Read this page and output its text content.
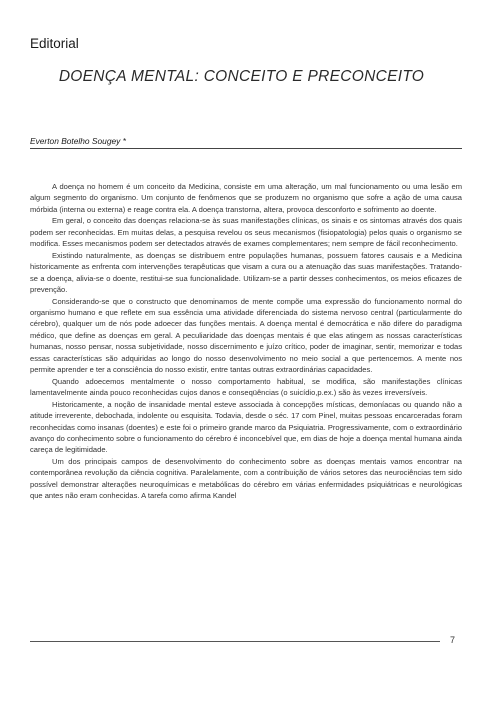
Editorial
DOENÇA MENTAL: CONCEITO E PRECONCEITO
Everton Botelho Sougey *

A doença no homem é um conceito da Medicina, consiste em uma alteração, um mal funcionamento ou uma lesão em algum segmento do organismo. Um conjunto de fenômenos que se produzem no organismo que sofre a ação de uma causa mórbida (interna ou externa) e reage contra ela. A doença transtorna, altera, provoca desconforto e sofrimento ao doente.

Em geral, o conceito das doenças relaciona-se às suas manifestações clínicas, os sinais e os sintomas através dos quais podem ser reconhecidas. Em muitas delas, a pesquisa revelou os seus mecanismos (fisiopatologia) pelos quais o organismo se modifica. Esses mecanismos podem ser detectados através de exames complementares; nem sempre de fácil reconhecimento.

Existindo naturalmente, as doenças se distribuem entre populações humanas, possuem fatores causais e a Medicina historicamente as enfrenta com intervenções terapêuticas que visam a cura ou a atenuação das suas manifestações. Tratando-se a doença, alivia-se o doente, restitui-se sua funcionalidade. Utilizam-se a partir desses conhecimentos, os meios eficazes de prevenção.

Considerando-se que o constructo que denominamos de mente compõe uma expressão do funcionamento normal do organismo humano e que reflete em sua essência uma atividade diferenciada do sistema nervoso central (particularmente do cérebro), qualquer um de nós pode adoecer das funções mentais. A doença mental é democrática e não difere do paradigma médico, que define as doenças em geral. A peculiaridade das doenças mentais é que elas atingem as nossas características humanas, nosso pensar, nossa subjetividade, nosso discernimento e juízo crítico, poder de imaginar, sentir, memorizar e todas essas características são adquiridas ao longo do nosso desenvolvimento no meio social a que pertencemos. A mente nos permite aprender e ter a consciência do nosso existir, entre tantas outras extraordinárias capacidades.

Quando adoecemos mentalmente o nosso comportamento habitual, se modifica, são manifestações clínicas lamentavelmente ainda pouco reconhecidas cujos danos e conseqüências (o suicídio,p.ex.) são às vezes irreversíveis.

Historicamente, a noção de insanidade mental esteve associada à concepções místicas, demoníacas ou quando não a atitude irreverente, debochada, indolente ou esquisita. Todavia, desde o séc. 17 com Pinel, muitas pessoas encarceradas foram reconhecidas como insanas (doentes) e este foi o primeiro grande marco da Psiquiatria. Progressivamente, com o extraordinário avanço do conhecimento sobre o funcionamento do cérebro é inconcebível que, em dias de hoje a doença mental humana ainda careça de legitimidade.

Um dos principais campos de desenvolvimento do conhecimento sobre as doenças mentais vamos encontrar na contemporânea revolução da ciência cognitiva. Paralelamente, com a contribuição de vários setores das neurociências tem sido possível demonstrar alterações neuroquímicas e metabólicas do cérebro em várias enfermidades psiquiátricas e neurológicas que antes não eram conhecidas. A tarefa como afirma Kandel

7
